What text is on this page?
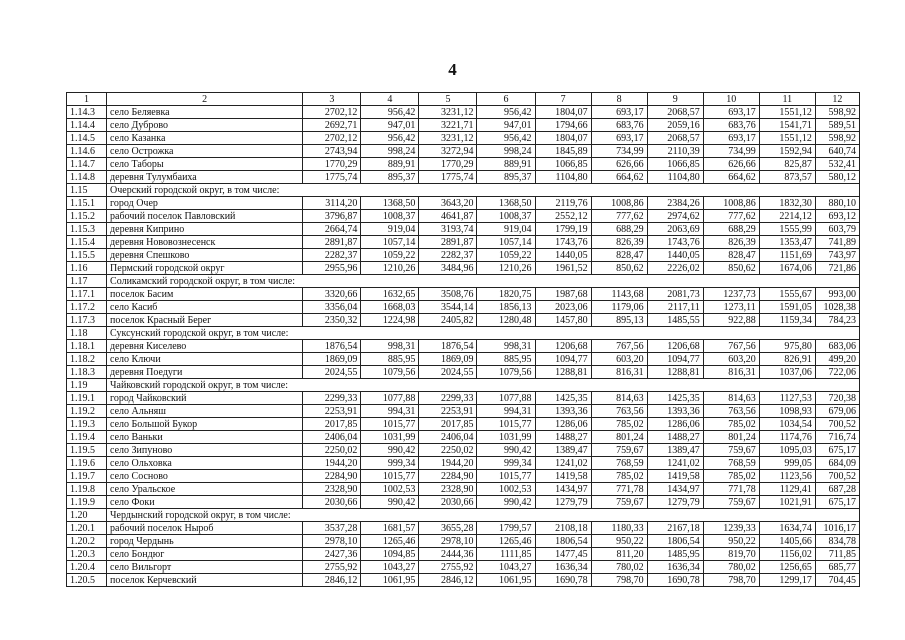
4
1	2	3	4	5	6	7	8	9	10	11	12
1.14.3	село Беляевка	2702,12	956,42	3231,12	956,42	1804,07	693,17	2068,57	693,17	1551,12	598,92
1.14.4	село Дуброво	2692,71	947,01	3221,71	947,01	1794,66	683,76	2059,16	683,76	1541,71	589,51
1.14.5	село Казанка	2702,12	956,42	3231,12	956,42	1804,07	693,17	2068,57	693,17	1551,12	598,92
1.14.6	село Острожка	2743,94	998,24	3272,94	998,24	1845,89	734,99	2110,39	734,99	1592,94	640,74
1.14.7	село Таборы	1770,29	889,91	1770,29	889,91	1066,85	626,66	1066,85	626,66	825,87	532,41
1.14.8	деревня Тулумбаиха	1775,74	895,37	1775,74	895,37	1104,80	664,62	1104,80	664,62	873,57	580,12
1.15	Очерский городской округ, в том числе:										
1.15.1	город Очер	3114,20	1368,50	3643,20	1368,50	2119,76	1008,86	2384,26	1008,86	1832,30	880,10
1.15.2	рабочий поселок Павловский	3796,87	1008,37	4641,87	1008,37	2552,12	777,62	2974,62	777,62	2214,12	693,12
1.15.3	деревня Киприно	2664,74	919,04	3193,74	919,04	1799,19	688,29	2063,69	688,29	1555,99	603,79
1.15.4	деревня Нововознесенск	2891,87	1057,14	2891,87	1057,14	1743,76	826,39	1743,76	826,39	1353,47	741,89
1.15.5	деревня Спешково	2282,37	1059,22	2282,37	1059,22	1440,05	828,47	1440,05	828,47	1151,69	743,97
1.16	Пермский городской округ	2955,96	1210,26	3484,96	1210,26	1961,52	850,62	2226,02	850,62	1674,06	721,86
1.17	Соликамский городской округ, в том числе:										
1.17.1	поселок Басим	3320,66	1632,65	3508,76	1820,75	1987,68	1143,68	2081,73	1237,73	1555,67	993,00
1.17.2	село Касиб	3356,04	1668,03	3544,14	1856,13	2023,06	1179,06	2117,11	1273,11	1591,05	1028,38
1.17.3	поселок Красный Берег	2350,32	1224,98	2405,82	1280,48	1457,80	895,13	1485,55	922,88	1159,34	784,23
1.18	Суксунский городской округ, в том числе:										
1.18.1	деревня Киселево	1876,54	998,31	1876,54	998,31	1206,68	767,56	1206,68	767,56	975,80	683,06
1.18.2	село Ключи	1869,09	885,95	1869,09	885,95	1094,77	603,20	1094,77	603,20	826,91	499,20
1.18.3	деревня Поедуги	2024,55	1079,56	2024,55	1079,56	1288,81	816,31	1288,81	816,31	1037,06	722,06
1.19	Чайковский городской округ, в том числе:										
1.19.1	город Чайковский	2299,33	1077,88	2299,33	1077,88	1425,35	814,63	1425,35	814,63	1127,53	720,38
1.19.2	село Альняш	2253,91	994,31	2253,91	994,31	1393,36	763,56	1393,36	763,56	1098,93	679,06
1.19.3	село Большой Букор	2017,85	1015,77	2017,85	1015,77	1286,06	785,02	1286,06	785,02	1034,54	700,52
1.19.4	село Ваньки	2406,04	1031,99	2406,04	1031,99	1488,27	801,24	1488,27	801,24	1174,76	716,74
1.19.5	село Зипуново	2250,02	990,42	2250,02	990,42	1389,47	759,67	1389,47	759,67	1095,03	675,17
1.19.6	село Ольховка	1944,20	999,34	1944,20	999,34	1241,02	768,59	1241,02	768,59	999,05	684,09
1.19.7	село Сосново	2284,90	1015,77	2284,90	1015,77	1419,58	785,02	1419,58	785,02	1123,56	700,52
1.19.8	село Уральское	2328,90	1002,53	2328,90	1002,53	1434,97	771,78	1434,97	771,78	1129,41	687,28
1.19.9	село Фоки	2030,66	990,42	2030,66	990,42	1279,79	759,67	1279,79	759,67	1021,91	675,17
1.20	Чердынский городской округ, в том числе:										
1.20.1	рабочий поселок Ныроб	3537,28	1681,57	3655,28	1799,57	2108,18	1180,33	2167,18	1239,33	1634,74	1016,17
1.20.2	город Чердынь	2978,10	1265,46	2978,10	1265,46	1806,54	950,22	1806,54	950,22	1405,66	834,78
1.20.3	село Бондюг	2427,36	1094,85	2444,36	1111,85	1477,45	811,20	1485,95	819,70	1156,02	711,85
1.20.4	село Вильгорт	2755,92	1043,27	2755,92	1043,27	1636,34	780,02	1636,34	780,02	1256,65	685,77
1.20.5	поселок Керчевский	2846,12	1061,95	2846,12	1061,95	1690,78	798,70	1690,78	798,70	1299,17	704,45
